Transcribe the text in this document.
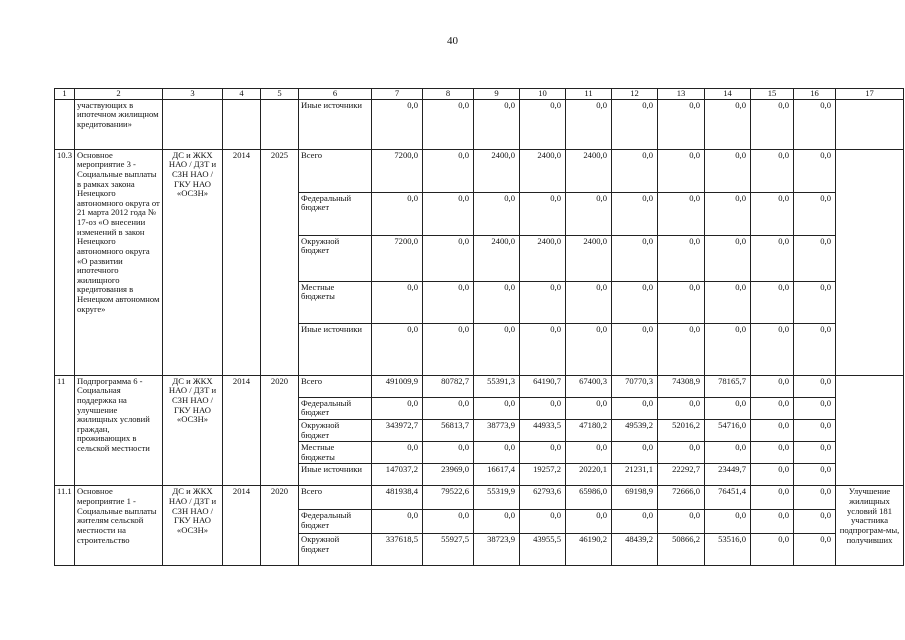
40
1	2	3	4	5	6	7	8	9	10	11	12	13	14	15	16	17
	участвующих в ипотечном жилищном кредитовании»				Иные источники	0,0	0,0	0,0	0,0	0,0	0,0	0,0	0,0	0,0	0,0	
10.3	Основное мероприятие 3 - Социальные выплаты в рамках закона Ненецкого автономного округа от 21 марта 2012 года № 17-оз «О внесении изменений в закон Ненецкого автономного округа «О развитии ипотечного жилищного кредитования в Ненецком автономном округе»	ДС и ЖКХ НАО / ДЗТ и СЗН НАО / ГКУ НАО «ОСЗН»	2014	2025	Всего	7200,0	0,0	2400,0	2400,0	2400,0	0,0	0,0	0,0	0,0	0,0	
					Федеральный бюджет	0,0	0,0	0,0	0,0	0,0	0,0	0,0	0,0	0,0	0,0	
					Окружной бюджет	7200,0	0,0	2400,0	2400,0	2400,0	0,0	0,0	0,0	0,0	0,0	
					Местные бюджеты	0,0	0,0	0,0	0,0	0,0	0,0	0,0	0,0	0,0	0,0	
					Иные источники	0,0	0,0	0,0	0,0	0,0	0,0	0,0	0,0	0,0	0,0	
11	Подпрограмма 6 - Социальная поддержка на улучшение жилищных условий граждан, проживающих в сельской местности	ДС и ЖКХ НАО / ДЗТ и СЗН НАО / ГКУ НАО «ОСЗН»	2014	2020	Всего	491009,9	80782,7	55391,3	64190,7	67400,3	70770,3	74308,9	78165,7	0,0	0,0	
					Федеральный бюджет	0,0	0,0	0,0	0,0	0,0	0,0	0,0	0,0	0,0	0,0	
					Окружной бюджет	343972,7	56813,7	38773,9	44933,5	47180,2	49539,2	52016,2	54716,0	0,0	0,0	
					Местные бюджеты	0,0	0,0	0,0	0,0	0,0	0,0	0,0	0,0	0,0	0,0	
					Иные источники	147037,2	23969,0	16617,4	19257,2	20220,1	21231,1	22292,7	23449,7	0,0	0,0	
11.1	Основное мероприятие 1 - Социальные выплаты жителям сельской местности на строительство	ДС и ЖКХ НАО / ДЗТ и СЗН НАО / ГКУ НАО «ОСЗН»	2014	2020	Всего	481938,4	79522,6	55319,9	62793,6	65986,0	69198,9	72666,0	76451,4	0,0	0,0	Улучшение жилищных условий 181 участника подпрограм-мы, получивших
					Федеральный бюджет	0,0	0,0	0,0	0,0	0,0	0,0	0,0	0,0	0,0	0,0	
					Окружной бюджет	337618,5	55927,5	38723,9	43955,5	46190,2	48439,2	50866,2	53516,0	0,0	0,0	
